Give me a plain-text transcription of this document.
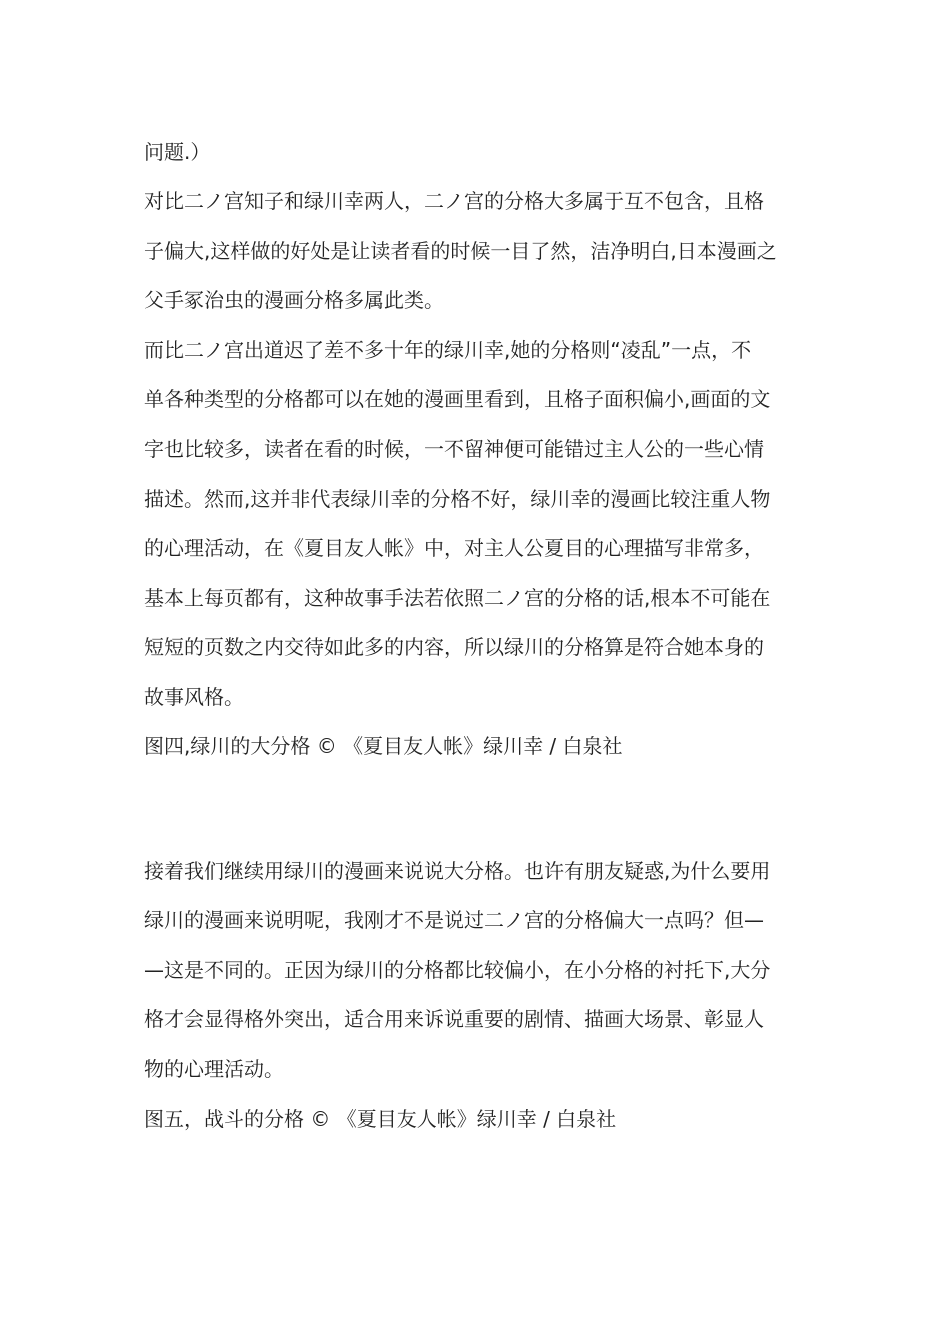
问题.）
对比二ノ宫知子和绿川幸两人，二ノ宫的分格大多属于互不包含，且格
子偏大,这样做的好处是让读者看的时候一目了然，洁净明白,日本漫画之
父手冢治虫的漫画分格多属此类。
而比二ノ宫出道迟了差不多十年的绿川幸,她的分格则“凌乱”一点，不
单各种类型的分格都可以在她的漫画里看到，且格子面积偏小,画面的文
字也比较多，读者在看的时候，一不留神便可能错过主人公的一些心情
描述。然而,这并非代表绿川幸的分格不好，绿川幸的漫画比较注重人物
的心理活动，在《夏目友人帐》中，对主人公夏目的心理描写非常多，
基本上每页都有，这种故事手法若依照二ノ宫的分格的话,根本不可能在
短短的页数之内交待如此多的内容，所以绿川的分格算是符合她本身的
故事风格。
图四,绿川的大分格 © 《夏目友人帐》绿川幸 / 白泉社
接着我们继续用绿川的漫画来说说大分格。也许有朋友疑惑,为什么要用
绿川的漫画来说明呢，我刚才不是说过二ノ宫的分格偏大一点吗？但—
—这是不同的。正因为绿川的分格都比较偏小，在小分格的衬托下,大分
格才会显得格外突出，适合用来诉说重要的剧情、描画大场景、彰显人
物的心理活动。
图五，战斗的分格 © 《夏目友人帐》绿川幸 / 白泉社
